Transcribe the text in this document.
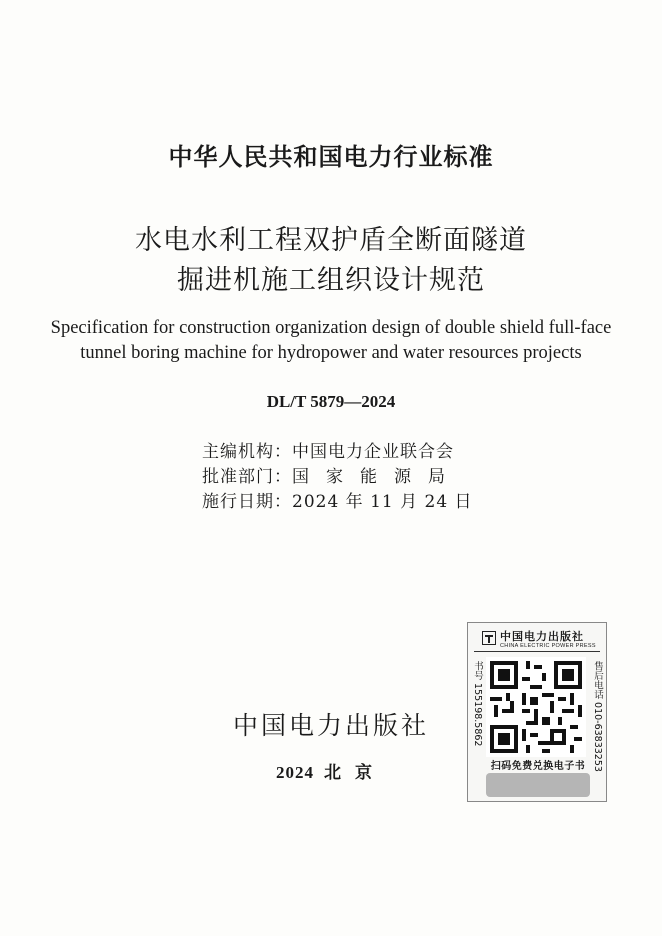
中华人民共和国电力行业标准
水电水利工程双护盾全断面隧道
掘进机施工组织设计规范
Specification for construction organization design of double shield full-face
tunnel boring machine for hydropower and water resources projects
DL/T 5879—2024
主编机构：中国电力企业联合会
批准部门：国家能源局
施行日期：2024 年 11 月 24 日
中国电力出版社
2024 北京
中国电力出版社
CHINA ELECTRIC POWER PRESS
书号 155198.5862	售后电话 010-63833253
扫码免费兑换电子书
